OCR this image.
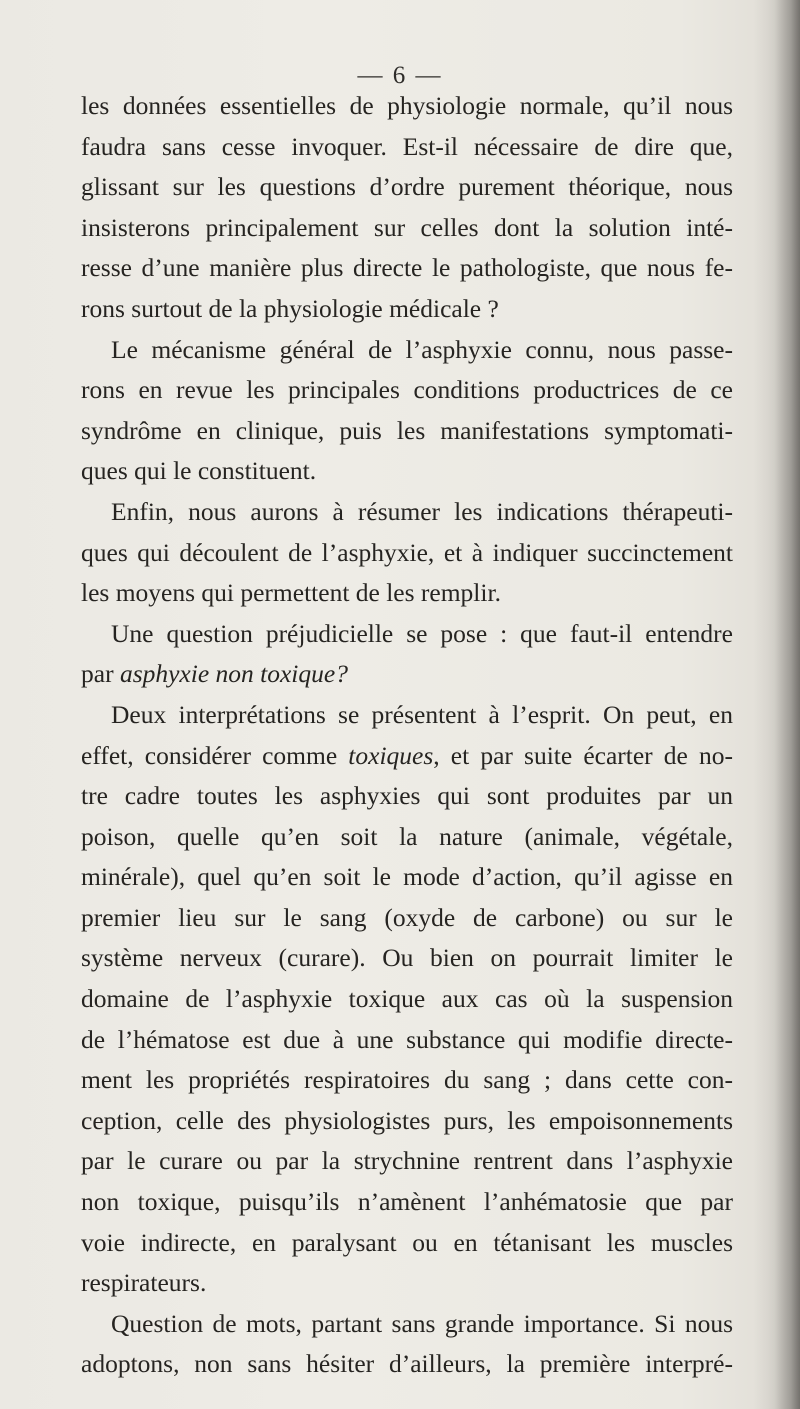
— 6 —
les données essentielles de physiologie normale, qu’il nous
faudra sans cesse invoquer. Est-il nécessaire de dire que,
glissant sur les questions d’ordre purement théorique, nous
insisterons principalement sur celles dont la solution inté-
resse d’une manière plus directe le pathologiste, que nous fe-
rons surtout de la physiologie médicale ?
Le mécanisme général de l’asphyxie connu, nous passe-
rons en revue les principales conditions productrices de ce
syndrôme en clinique, puis les manifestations symptomati-
ques qui le constituent.
Enfin, nous aurons à résumer les indications thérapeuti-
ques qui découlent de l’asphyxie, et à indiquer succinctement
les moyens qui permettent de les remplir.
Une question préjudicielle se pose : que faut-il entendre
par asphyxie non toxique?
Deux interprétations se présentent à l’esprit. On peut, en
effet, considérer comme toxiques, et par suite écarter de no-
tre cadre toutes les asphyxies qui sont produites par un
poison, quelle qu’en soit la nature (animale, végétale,
minérale), quel qu’en soit le mode d’action, qu’il agisse en
premier lieu sur le sang (oxyde de carbone) ou sur le
système nerveux (curare). Ou bien on pourrait limiter le
domaine de l’asphyxie toxique aux cas où la suspension
de l’hématose est due à une substance qui modifie directe-
ment les propriétés respiratoires du sang ; dans cette con-
ception, celle des physiologistes purs, les empoisonnements
par le curare ou par la strychnine rentrent dans l’asphyxie
non toxique, puisqu’ils n’amènent l’anhématosie que par
voie indirecte, en paralysant ou en tétanisant les muscles
respirateurs.
Question de mots, partant sans grande importance. Si nous
adoptons, non sans hésiter d’ailleurs, la première interpré-
